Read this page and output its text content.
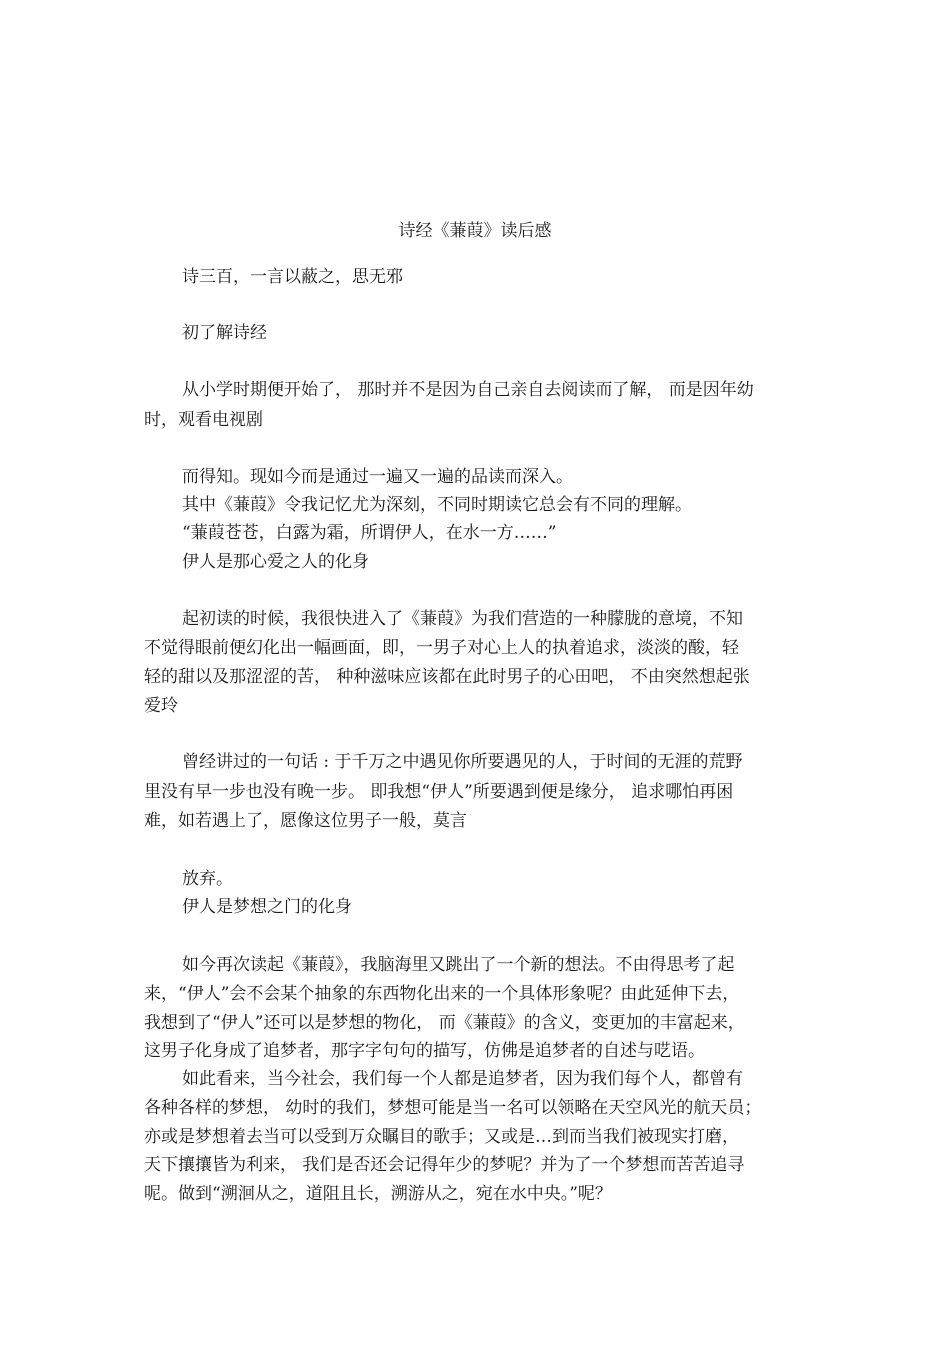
诗经《蒹葭》读后感
诗三百，一言以蔽之，思无邪
初了解诗经
从小学时期便开始了， 那时并不是因为自己亲自去阅读而了解， 而是因年幼
时，观看电视剧
而得知。现如今而是通过一遍又一遍的品读而深入。
其中《蒹葭》令我记忆尤为深刻，不同时期读它总会有不同的理解。
“蒹葭苍苍，白露为霜，所谓伊人，在水一方……”
伊人是那心爱之人的化身
起初读的时候，我很快进入了《蒹葭》为我们营造的一种朦胧的意境，不知
不觉得眼前便幻化出一幅画面，即，一男子对心上人的执着追求，淡淡的酸，轻
轻的甜以及那涩涩的苦， 种种滋味应该都在此时男子的心田吧， 不由突然想起张
爱玲
曾经讲过的一句话 : 于千万之中遇见你所要遇见的人，于时间的无涯的荒野
里没有早一步也没有晚一步。 即我想“伊人”所要遇到便是缘分， 追求哪怕再困
难，如若遇上了，愿像这位男子一般，莫言
放弃。
伊人是梦想之门的化身
如今再次读起《蒹葭》，我脑海里又跳出了一个新的想法。不由得思考了起
来，“伊人”会不会某个抽象的东西物化出来的一个具体形象呢？由此延伸下去，
我想到了“伊人”还可以是梦想的物化， 而《蒹葭》的含义，变更加的丰富起来，
这男子化身成了追梦者，那字字句句的描写，仿佛是追梦者的自述与呓语。
如此看来，当今社会，我们每一个人都是追梦者，因为我们每个人，都曾有
各种各样的梦想， 幼时的我们，梦想可能是当一名可以领略在天空风光的航天员；
亦或是梦想着去当可以受到万众瞩目的歌手；又或是…到而当我们被现实打磨，
天下攘攘皆为利来， 我们是否还会记得年少的梦呢？并为了一个梦想而苦苦追寻
呢。做到“溯洄从之，道阻且长，溯游从之，宛在水中央。”呢？
